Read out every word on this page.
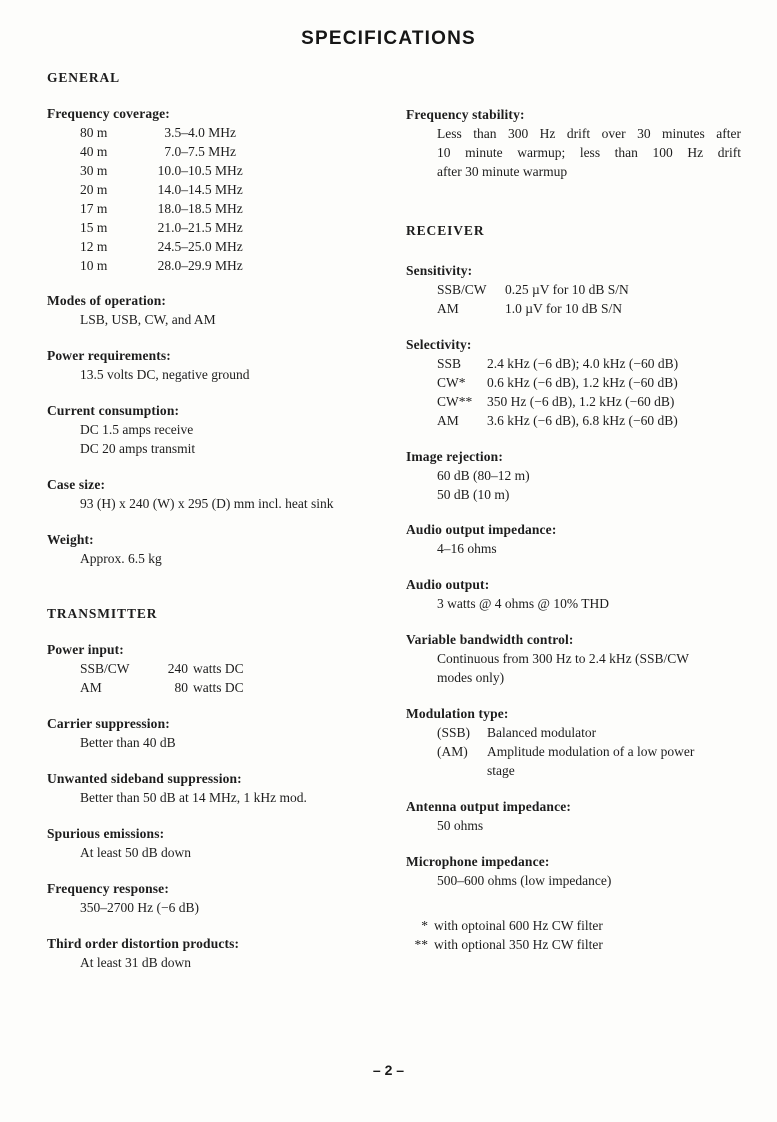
SPECIFICATIONS
GENERAL
Frequency coverage:
80 m	3.5–4.0 MHz
40 m	7.0–7.5 MHz
30 m	10.0–10.5 MHz
20 m	14.0–14.5 MHz
17 m	18.0–18.5 MHz
15 m	21.0–21.5 MHz
12 m	24.5–25.0 MHz
10 m	28.0–29.9 MHz
Modes of operation:
LSB, USB, CW, and AM
Power requirements:
13.5 volts DC, negative ground
Current consumption:
DC 1.5 amps receive
DC 20 amps transmit
Case size:
93 (H) x 240 (W) x 295 (D) mm incl. heat sink
Weight:
Approx. 6.5 kg
TRANSMITTER
Power input:
SSB/CW	240 watts DC
AM	80 watts DC
Carrier suppression:
Better than 40 dB
Unwanted sideband suppression:
Better than 50 dB at 14 MHz, 1 kHz mod.
Spurious emissions:
At least 50 dB down
Frequency response:
350–2700 Hz (−6 dB)
Third order distortion products:
At least 31 dB down
Frequency stability:
Less than 300 Hz drift over 30 minutes after
10 minute warmup; less than 100 Hz drift
after 30 minute warmup
RECEIVER
Sensitivity:
SSB/CW	0.25 µV for 10 dB S/N
AM	1.0 µV for 10 dB S/N
Selectivity:
SSB	2.4 kHz (−6 dB); 4.0 kHz (−60 dB)
CW*	0.6 kHz (−6 dB), 1.2 kHz (−60 dB)
CW**	350 Hz (−6 dB), 1.2 kHz (−60 dB)
AM	3.6 kHz (−6 dB), 6.8 kHz (−60 dB)
Image rejection:
60 dB (80–12 m)
50 dB (10 m)
Audio output impedance:
4–16 ohms
Audio output:
3 watts @ 4 ohms @ 10% THD
Variable bandwidth control:
Continuous from 300 Hz to 2.4 kHz (SSB/CW
modes only)
Modulation type:
(SSB)	Balanced modulator
(AM)	Amplitude modulation of a low power
stage
Antenna output impedance:
50 ohms
Microphone impedance:
500–600 ohms (low impedance)
* with optoinal 600 Hz CW filter
** with optional 350 Hz CW filter
– 2 –
